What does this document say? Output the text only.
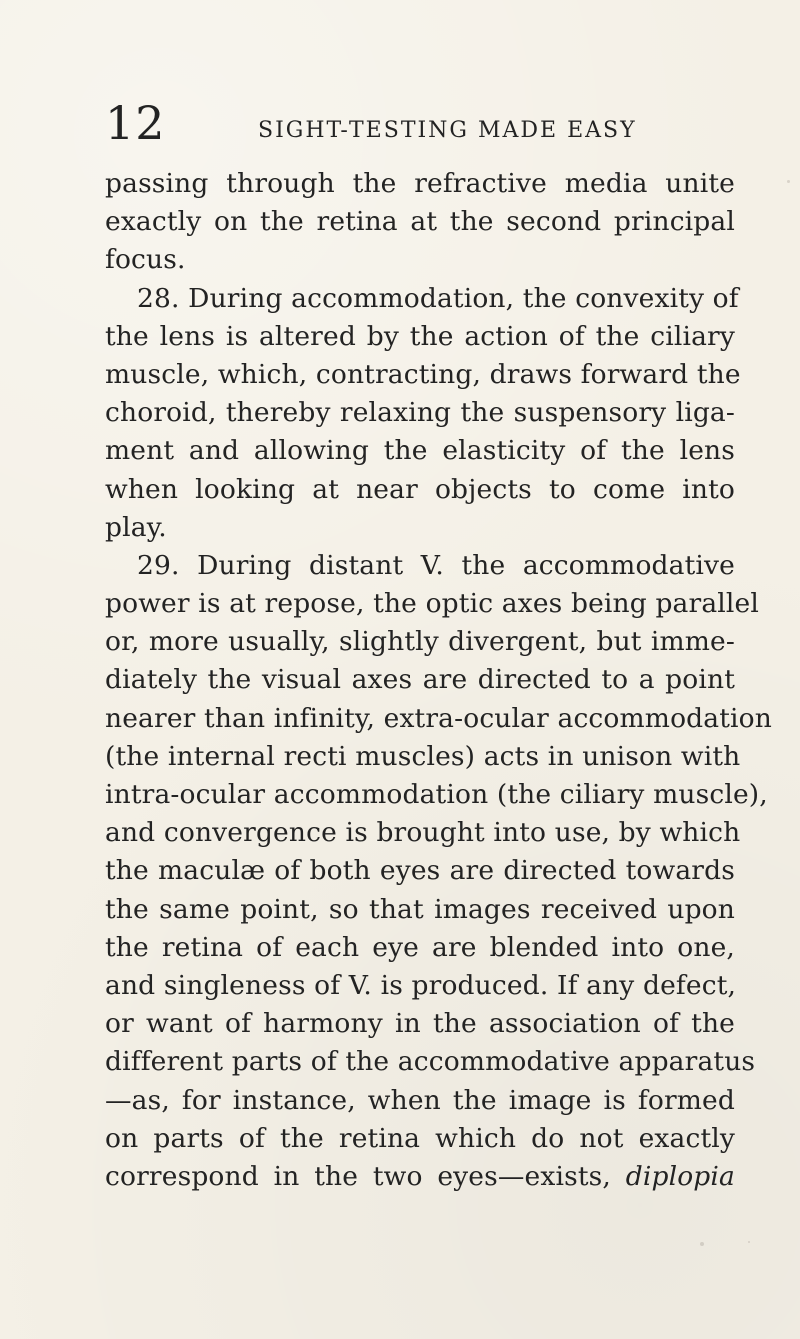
12	SIGHT-TESTING MADE EASY
passing through the refractive media unite
exactly on the retina at the second principal
focus.
28. During accommodation, the convexity of
the lens is altered by the action of the ciliary
muscle, which, contracting, draws forward the
choroid, thereby relaxing the suspensory liga-
ment and allowing the elasticity of the lens
when looking at near objects to come into
play.
29. During distant V. the accommodative
power is at repose, the optic axes being parallel
or, more usually, slightly divergent, but imme-
diately the visual axes are directed to a point
nearer than infinity, extra-ocular accommodation
(the internal recti muscles) acts in unison with
intra-ocular accommodation (the ciliary muscle),
and convergence is brought into use, by which
the maculæ of both eyes are directed towards
the same point, so that images received upon
the retina of each eye are blended into one,
and singleness of V. is produced. If any defect,
or want of harmony in the association of the
different parts of the accommodative apparatus
—as, for instance, when the image is formed
on parts of the retina which do not exactly
correspond in the two eyes—exists, diplopia
